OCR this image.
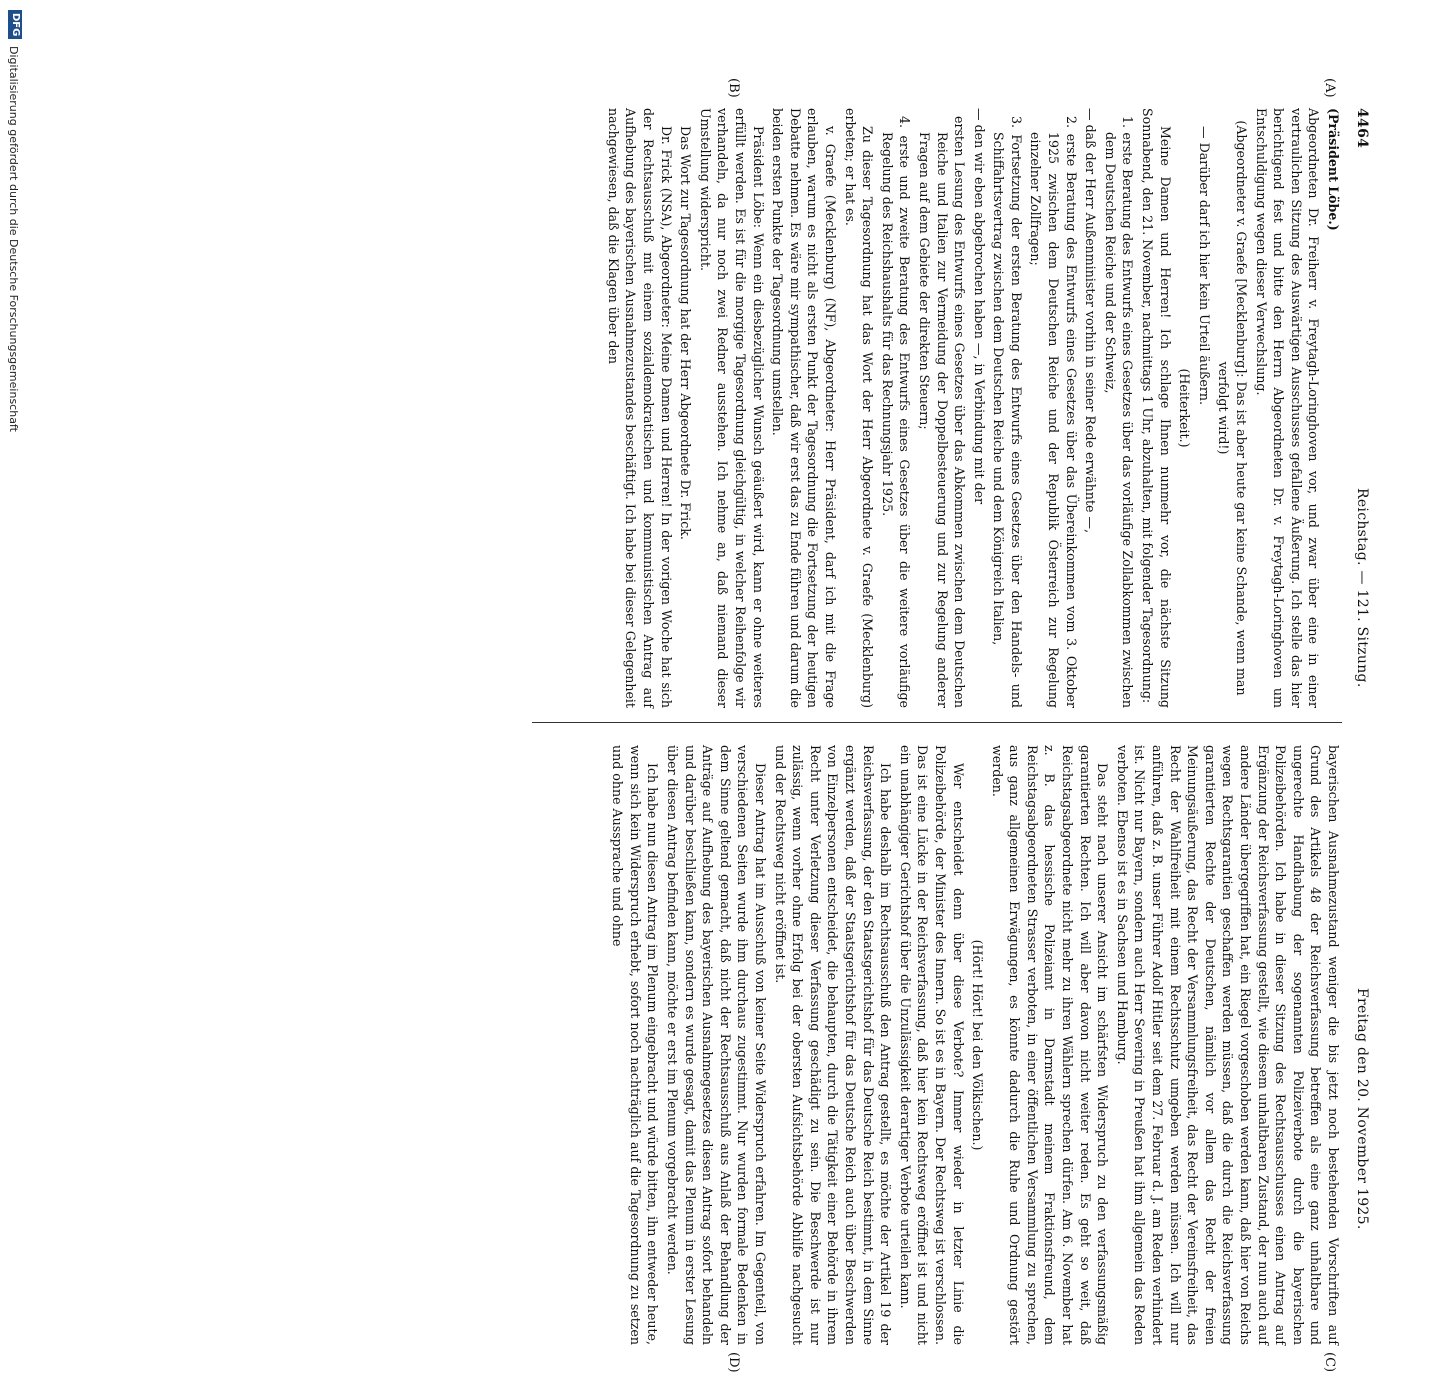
4464
Reichstag. — 121. Sitzung.
Freitag den 20. November 1925.
(A)
(B)
(C)
(D)

(Präsident Löbe.)

Abgeordneten Dr. Freiherr v. Freytagh-Loringhoven vor, und zwar über eine in einer vertraulichen Sitzung des Auswärtigen Ausschusses gefallene Äußerung. Ich stelle das hier berichtigend fest und bitte den Herrn Abgeordneten Dr. v. Freytagh-Loringhoven um Entschuldigung wegen dieser Verwechslung.

(Abgeordneter v. Graefe [Mecklenburg]: Das ist aber heute gar keine Schande, wenn man verfolgt wird!)

— Darüber darf ich hier kein Urteil äußern.

(Heiterkeit.)

Meine Damen und Herren! Ich schlage Ihnen nunmehr vor, die nächste Sitzung Sonnabend, den 21. November, nachmittags 1 Uhr, abzuhalten, mit folgender Tagesordnung:

1. erste Beratung des Entwurfs eines Gesetzes über das vorläufige Zollabkommen zwischen dem Deutschen Reiche und der Schweiz,

— daß der Herr Außenminister vorhin in seiner Rede erwähnte —,

2. erste Beratung des Entwurfs eines Gesetzes über das Übereinkommen vom 3. Oktober 1925 zwischen dem Deutschen Reiche und der Republik Österreich zur Regelung einzelner Zollfragen;

3. Fortsetzung der ersten Beratung des Entwurfs eines Gesetzes über den Handels- und Schiffahrtsvertrag zwischen dem Deutschen Reiche und dem Königreich Italien,

— den wir eben abgebrochen haben —, in Verbindung mit der

ersten Lesung des Entwurfs eines Gesetzes über das Abkommen zwischen dem Deutschen Reiche und Italien zur Vermeidung der Doppelbesteuerung und zur Regelung anderer Fragen auf dem Gebiete der direkten Steuern;

4. erste und zweite Beratung des Entwurfs eines Gesetzes über die weitere vorläufige Regelung des Reichshaushalts für das Rechnungsjahr 1925.

Zu dieser Tagesordnung hat das Wort der Herr Abgeordnete v. Graefe (Mecklenburg) erbeten; er hat es.

v. Graefe (Mecklenburg) (NF), Abgeordneter: Herr Präsident, darf ich mit die Frage erlauben, warum es nicht als ersten Punkt der Tagesordnung die Fortsetzung der heutigen Debatte nehmen. Es wäre mir sympathischer, daß wir erst das zu Ende führen und darum die beiden ersten Punkte der Tagesordnung umstellen.

Präsident Löbe: Wenn ein diesbezüglicher Wunsch geäußert wird, kann er ohne weiteres erfüllt werden. Es ist für die morgige Tagesordnung gleichgültig, in welcher Reihenfolge wir verhandeln, da nur noch zwei Redner ausstehen. Ich nehme an, daß niemand dieser Umstellung widerspricht.

Das Wort zur Tagesordnung hat der Herr Abgeordnete Dr. Frick.

Dr. Frick (NSA), Abgeordneter: Meine Damen und Herren! In der vorigen Woche hat sich der Rechtsausschuß mit einem sozialdemokratischen und kommunistischen Antrag auf Aufhebung des bayerischen Ausnahmezustandes beschäftigt. Ich habe bei dieser Gelegenheit nachgewiesen, daß die Klagen über den

bayerischen Ausnahmezustand weniger die bis jetzt noch bestehenden Vorschriften auf Grund des Artikels 48 der Reichsverfassung betreffen als eine ganz unhaltbare und ungerechte Handhabung der sogenannten Polizeiverbote durch die bayerischen Polizeibehörden. Ich habe in dieser Sitzung des Rechtsausschusses einen Antrag auf Ergänzung der Reichsverfassung gestellt, wie diesem unhaltbaren Zustand, der nun auch auf andere Länder übergegriffen hat, ein Riegel vorgeschoben werden kann, daß hier von Reichs wegen Rechtsgarantien geschaffen werden müssen, daß die durch die Reichsverfassung garantierten Rechte der Deutschen, nämlich vor allem das Recht der freien Meinungsäußerung, das Recht der Versammlungsfreiheit, das Recht der Vereinsfreiheit, das Recht der Wahlfreiheit mit einem Rechtsschutz umgeben werden müssen. Ich will nur anführen, daß z. B. unser Führer Adolf Hitler seit dem 27. Februar d. J. am Reden verhindert ist. Nicht nur Bayern, sondern auch Herr Severing in Preußen hat ihm allgemein das Reden verboten. Ebenso ist es in Sachsen und Hamburg.

Das steht nach unserer Ansicht im schärfsten Widerspruch zu den verfassungsmäßig garantierten Rechten. Ich will aber davon nicht weiter reden. Es geht so weit, daß Reichstagsabgeordnete nicht mehr zu ihren Wählern sprechen dürfen. Am 6. November hat z. B. das hessische Polizeiamt in Darmstadt meinem Fraktionsfreund, dem Reichstagsabgeordneten Strasser verboten, in einer öffentlichen Versammlung zu sprechen, aus ganz allgemeinen Erwägungen, es könnte dadurch die Ruhe und Ordnung gestört werden.

(Hört! Hört! bei den Völkischen.)

Wer entscheidet denn über diese Verbote? Immer wieder in letzter Linie die Polizeibehörde, der Minister des Innern. So ist es in Bayern. Der Rechtsweg ist verschlossen. Das ist eine Lücke in der Reichsverfassung, daß hier kein Rechtsweg eröffnet ist und nicht ein unabhängiger Gerichtshof über die Unzulässigkeit derartiger Verbote urteilen kann.

Ich habe deshalb im Rechtsausschuß den Antrag gestellt, es möchte der Artikel 19 der Reichsverfassung, der den Staatsgerichtshof für das Deutsche Reich bestimmt, in dem Sinne ergänzt werden, daß der Staatsgerichtshof für das Deutsche Reich auch über Beschwerden von Einzelpersonen entscheidet, die behaupten, durch die Tätigkeit einer Behörde in ihrem Recht unter Verletzung dieser Verfassung geschädigt zu sein. Die Beschwerde ist nur zulässig, wenn vorher ohne Erfolg bei der obersten Aufsichtsbehörde Abhilfe nachgesucht und der Rechtsweg nicht eröffnet ist.

Dieser Antrag hat im Ausschuß von keiner Seite Widerspruch erfahren. Im Gegenteil, von verschiedenen Seiten wurde ihm durchaus zugestimmt. Nur wurden formale Bedenken in dem Sinne geltend gemacht, daß nicht der Rechtsausschuß aus Anlaß der Behandlung der Anträge auf Aufhebung des bayerischen Ausnahmegesetzes diesen Antrag sofort behandeln und darüber beschließen kann, sondern es wurde gesagt, damit das Plenum in erster Lesung über diesen Antrag befinden kann, möchte er erst im Plenum vorgebracht werden.

Ich habe nun diesen Antrag im Plenum eingebracht und würde bitten, ihn entweder heute, wenn sich kein Widerspruch erhebt, sofort noch nachträglich auf die Tagesordnung zu setzen und ohne Aussprache und ohne

DFG
Digitalisierung gefördert durch die Deutsche Forschungsgemeinschaft
